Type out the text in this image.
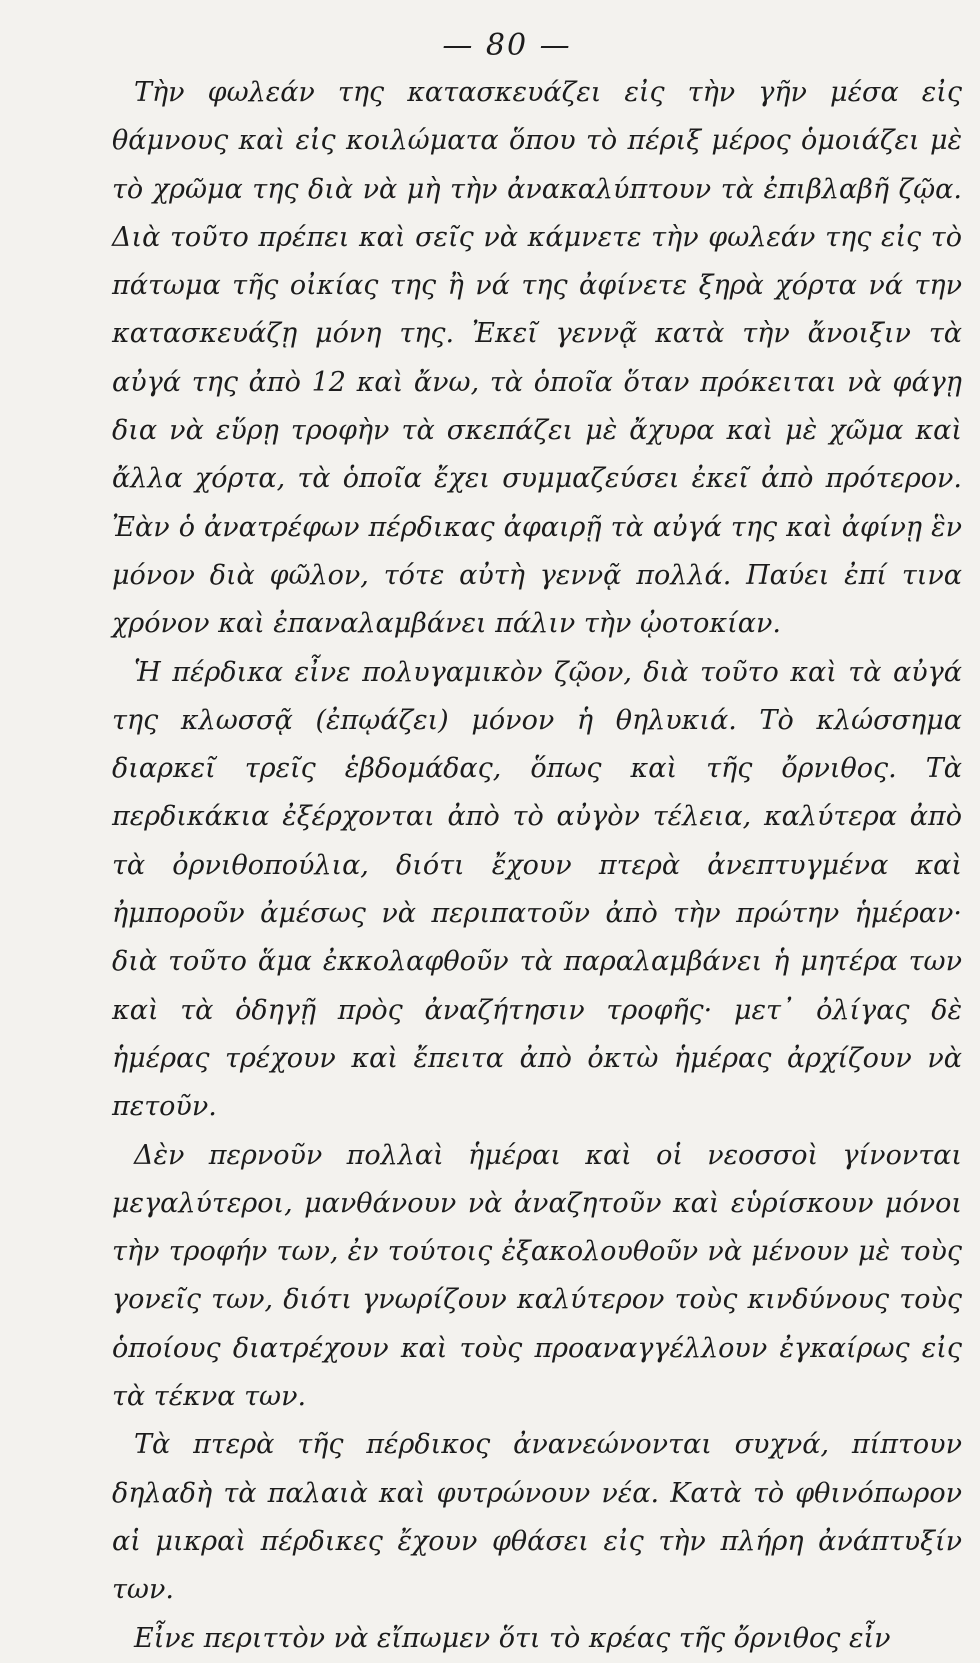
— 80 —

Τὴν φωλεάν της κατασκευάζει εἰς τὴν γῆν μέσα εἰς θάμνους καὶ εἰς κοιλώματα ὅπου τὸ πέριξ μέρος ὁμοιάζει μὲ τὸ χρῶμα της διὰ νὰ μὴ τὴν ἀνακαλύπτουν τὰ ἐπιβλαβῆ ζῷα. Διὰ τοῦτο πρέπει καὶ σεῖς νὰ κάμνετε τὴν φωλεάν της εἰς τὸ πάτωμα τῆς οἰκίας της ἢ νά της ἀφίνετε ξηρὰ χόρτα νά την κατασκευάζῃ μόνη της. Ἐκεῖ γεννᾷ κατὰ τὴν ἄνοιξιν τὰ αὐγά της ἀπὸ 12 καὶ ἄνω, τὰ ὁποῖα ὅταν πρόκειται νὰ φάγῃ δια νὰ εὕρῃ τροφὴν τὰ σκεπάζει μὲ ἄχυρα καὶ μὲ χῶμα καὶ ἄλλα χόρτα, τὰ ὁποῖα ἔχει συμμαζεύσει ἐκεῖ ἀπὸ πρότερον. Ἐὰν ὁ ἀνατρέφων πέρδικας ἀφαιρῇ τὰ αὐγά της καὶ ἀφίνῃ ἓν μόνον διὰ φῶλον, τότε αὐτὴ γεννᾷ πολλά. Παύει ἐπί τινα χρόνον καὶ ἐπαναλαμβάνει πάλιν τὴν ᾠοτοκίαν.

Ἡ πέρδικα εἶνε πολυγαμικὸν ζῷον, διὰ τοῦτο καὶ τὰ αὐγά της κλωσσᾷ (ἐπῳάζει) μόνον ἡ θηλυκιά. Τὸ κλώσσημα διαρκεῖ τρεῖς ἑβδομάδας, ὅπως καὶ τῆς ὄρνιθος. Τὰ περδικάκια ἐξέρχονται ἀπὸ τὸ αὐγὸν τέλεια, καλύτερα ἀπὸ τὰ ὀρνιθοπούλια, διότι ἔχουν πτερὰ ἀνεπτυγμένα καὶ ἠμποροῦν ἀμέσως νὰ περιπατοῦν ἀπὸ τὴν πρώτην ἡμέραν· διὰ τοῦτο ἅμα ἐκκολαφθοῦν τὰ παραλαμβάνει ἡ μητέρα των καὶ τὰ ὁδηγῇ πρὸς ἀναζήτησιν τροφῆς· μετ᾽ ὀλίγας δὲ ἡμέρας τρέχουν καὶ ἔπειτα ἀπὸ ὀκτὼ ἡμέρας ἀρχίζουν νὰ πετοῦν.

Δὲν περνοῦν πολλαὶ ἡμέραι καὶ οἱ νεοσσοὶ γίνονται μεγαλύτεροι, μανθάνουν νὰ ἀναζητοῦν καὶ εὑρίσκουν μόνοι τὴν τροφήν των, ἐν τούτοις ἐξακολουθοῦν νὰ μένουν μὲ τοὺς γονεῖς των, διότι γνωρίζουν καλύτερον τοὺς κινδύνους τοὺς ὁποίους διατρέχουν καὶ τοὺς προαναγγέλλουν ἐγκαίρως εἰς τὰ τέκνα των.

Τὰ πτερὰ τῆς πέρδικος ἀνανεώνονται συχνά, πίπτουν δηλαδὴ τὰ παλαιὰ καὶ φυτρώνουν νέα. Κατὰ τὸ φθινόπωρον αἱ μικραὶ πέρδικες ἔχουν φθάσει εἰς τὴν πλήρη ἀνάπτυξίν των.

Εἶνε περιττὸν νὰ εἴπωμεν ὅτι τὸ κρέας τῆς ὄρνιθος εἶν
